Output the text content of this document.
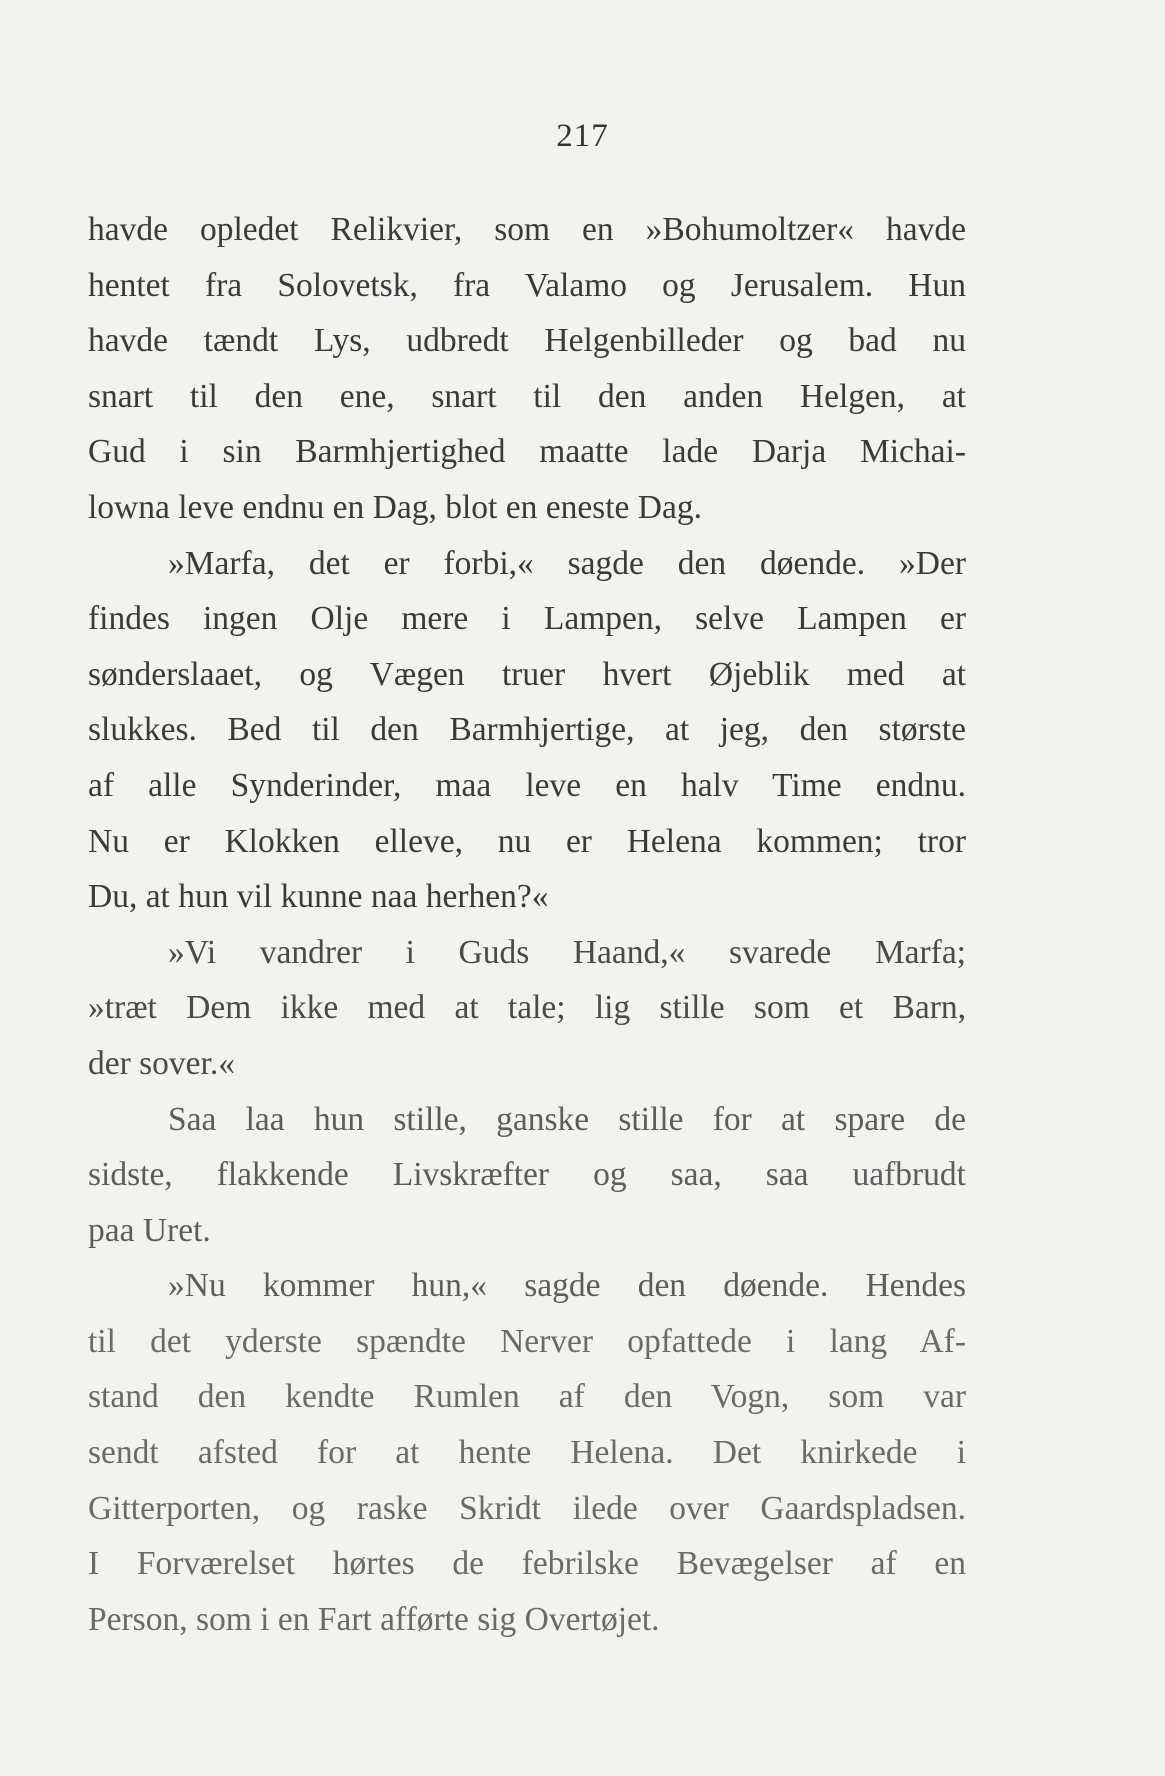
217
havde opledet Relikvier, som en »Bohumoltzer« havde
hentet fra Solovetsk, fra Valamo og Jerusalem. Hun
havde tændt Lys, udbredt Helgenbilleder og bad nu
snart til den ene, snart til den anden Helgen, at
Gud i sin Barmhjertighed maatte lade Darja Michai-
lowna leve endnu en Dag, blot en eneste Dag.
»Marfa, det er forbi,« sagde den døende. »Der
findes ingen Olje mere i Lampen, selve Lampen er
sønderslaaet, og Vægen truer hvert Øjeblik med at
slukkes. Bed til den Barmhjertige, at jeg, den største
af alle Synderinder, maa leve en halv Time endnu.
Nu er Klokken elleve, nu er Helena kommen; tror
Du, at hun vil kunne naa herhen?«
»Vi vandrer i Guds Haand,« svarede Marfa;
»træt Dem ikke med at tale; lig stille som et Barn,
der sover.«
Saa laa hun stille, ganske stille for at spare de
sidste, flakkende Livskræfter og saa, saa uafbrudt
paa Uret.
»Nu kommer hun,« sagde den døende. Hendes
til det yderste spændte Nerver opfattede i lang Af-
stand den kendte Rumlen af den Vogn, som var
sendt afsted for at hente Helena. Det knirkede i
Gitterporten, og raske Skridt ilede over Gaardspladsen.
I Forværelset hørtes de febrilske Bevægelser af en
Person, som i en Fart afførte sig Overtøjet.
